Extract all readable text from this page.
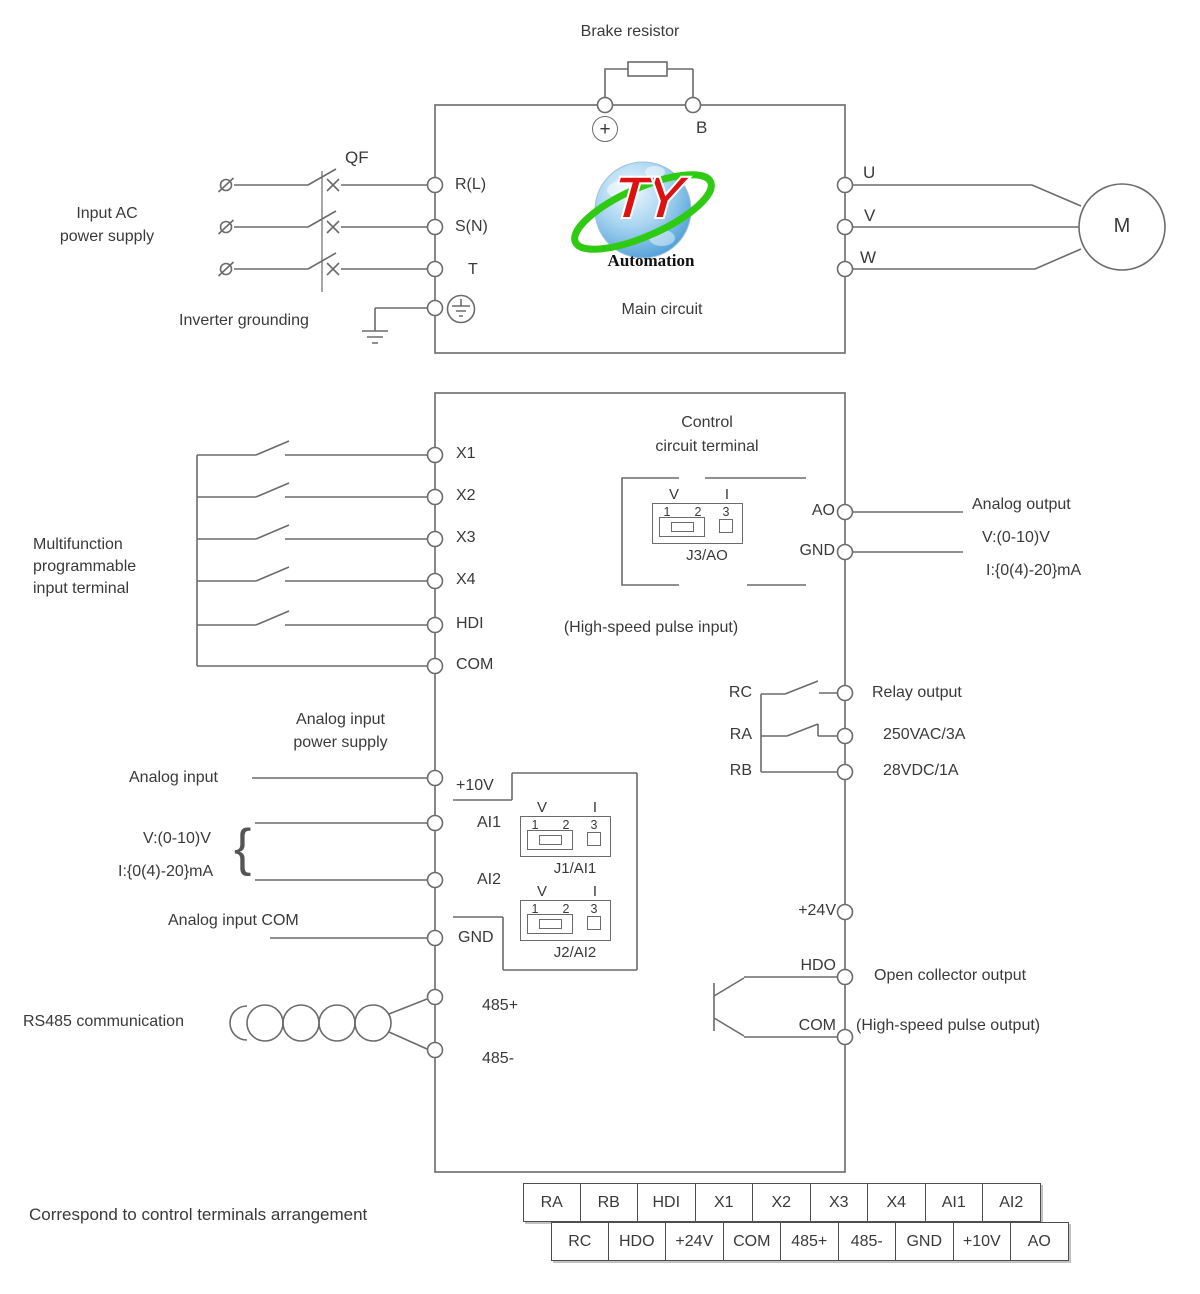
TY
Automation
Brake resistor
+	B
QF
Input AC
power supply
R(L)
S(N)
T
Inverter grounding
Main circuit
U
V
W
M
Multifunction
programmable
input terminal
X1
X2
X3
X4
HDI
COM
Control
circuit terminal
V	I
1	2	3
J3/AO
AO
GND
Analog output
V:(0-10)V
I:{0(4)-20}mA
(High-speed pulse input)
RC
RA
RB
Relay output
250VAC/3A
28VDC/1A
Analog input
power supply
Analog input	+10V
V:(0-10)V
I:{0(4)-20}mA {	AI1
AI2
Analog input COM
GND
V	I
1	2	3
J1/AI1
V	I
1	2	3
J2/AI2
RS485 communication
485+
485-
+24V
HDO
COM
Open collector output
(High-speed pulse output)
Correspond to control terminals arrangement
RA	RB	HDI	X1	X2	X3	X4	AI1	AI2
RC	HDO	+24V	COM	485+	485-	GND	+10V	AO
